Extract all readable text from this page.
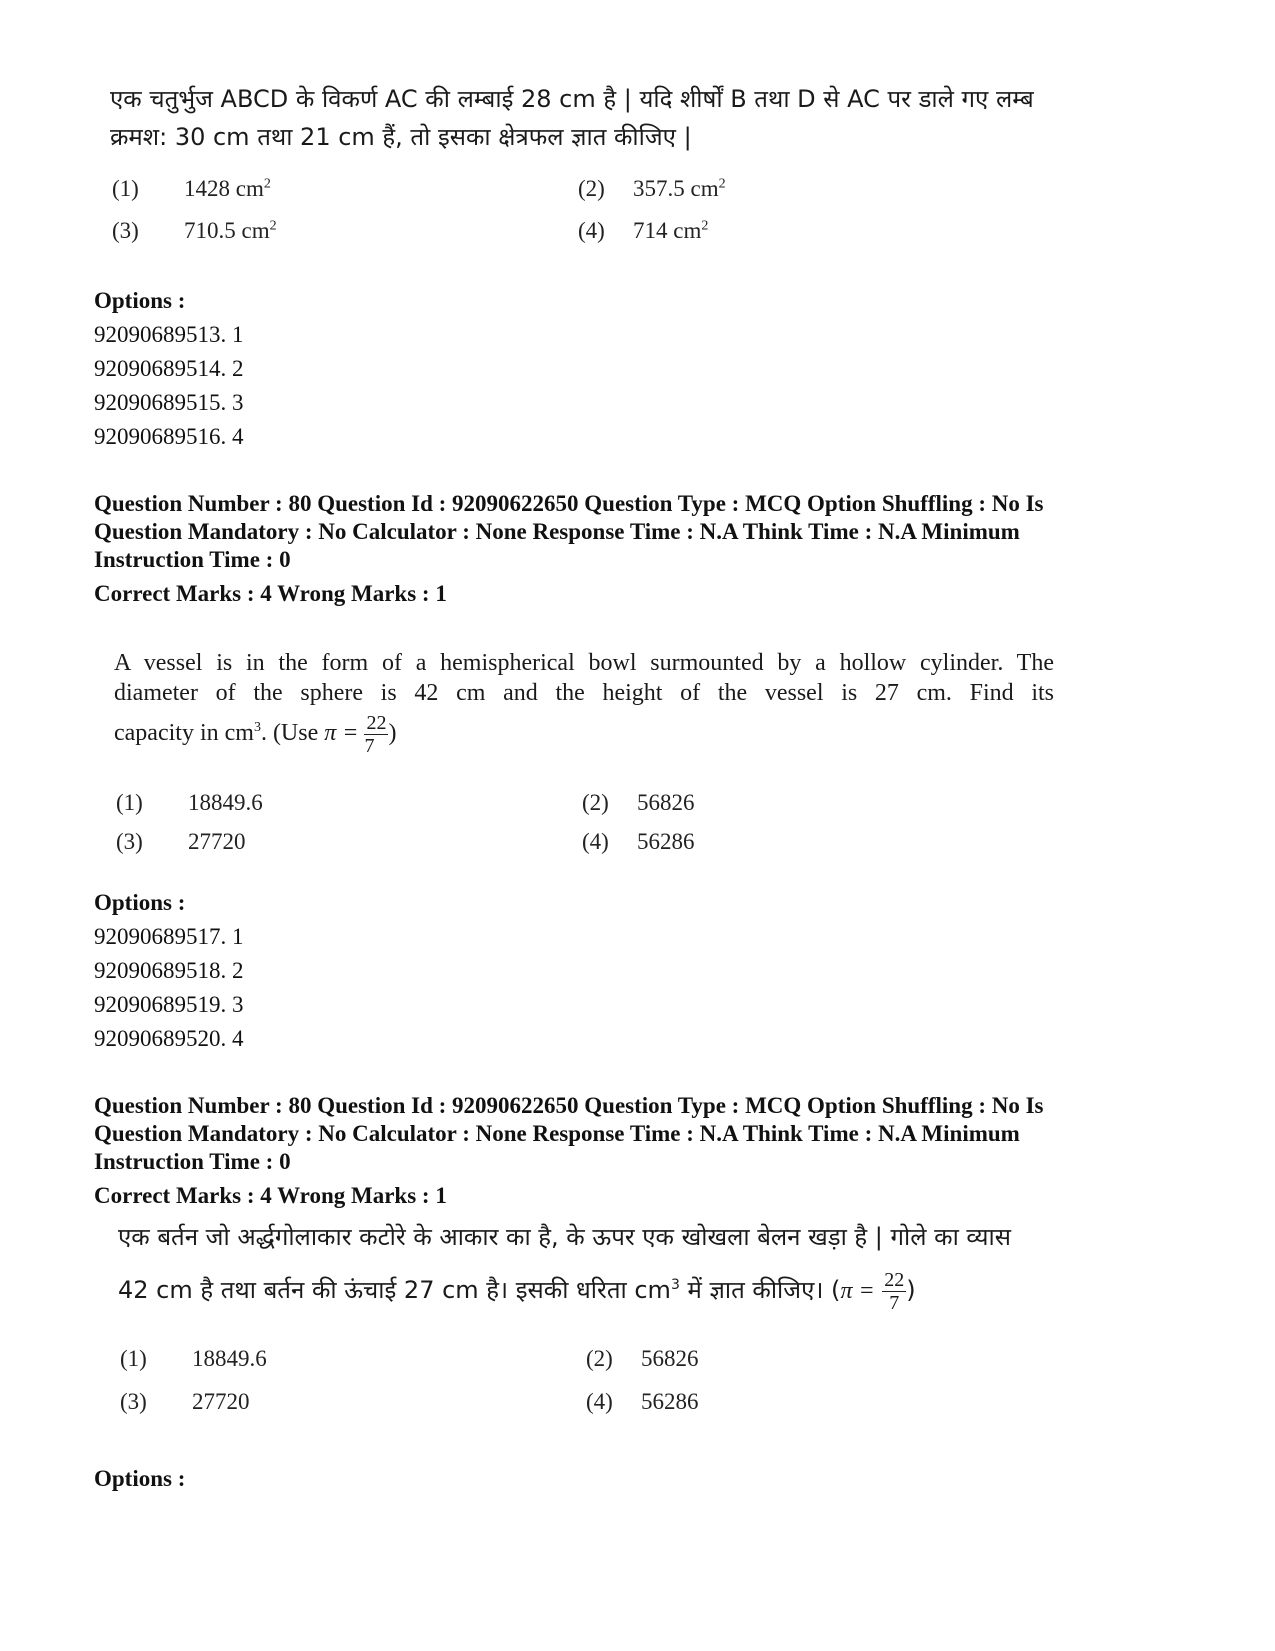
एक चतुर्भुज ABCD के विकर्ण AC की लम्बाई 28 cm है | यदि शीर्षों B तथा D से AC पर डाले गए लम्ब
क्रमश: 30 cm तथा 21 cm हैं, तो इसका क्षेत्रफल ज्ञात कीजिए |
(1) 1428 $cm^2$	(2) 357.5 $cm^2$
(3) 710.5 $cm^2$	(4) 714 $cm^2$
Options :
92090689513. 1
92090689514. 2
92090689515. 3
92090689516. 4
Question Number : 80 Question Id : 92090622650 Question Type : MCQ Option Shuffling : No Is
Question Mandatory : No Calculator : None Response Time : N.A Think Time : N.A Minimum
Instruction Time : 0
Correct Marks : 4 Wrong Marks : 1
A vessel is in the form of a hemispherical bowl surmounted by a hollow cylinder. The
diameter of the sphere is 42 cm and the height of the vessel is 27 cm. Find its
capacity in $cm^3$. (Use $\pi = \frac{22}{7}$ )
(1) 18849.6	(2) 56826
(3) 27720	(4) 56286
Options :
92090689517. 1
92090689518. 2
92090689519. 3
92090689520. 4
Question Number : 80 Question Id : 92090622650 Question Type : MCQ Option Shuffling : No Is
Question Mandatory : No Calculator : None Response Time : N.A Think Time : N.A Minimum
Instruction Time : 0
Correct Marks : 4 Wrong Marks : 1
एक बर्तन जो अर्द्धगोलाकार कटोरे के आकार का है, के ऊपर एक खोखला बेलन खड़ा है | गोले का व्यास
42 cm है तथा बर्तन की ऊंचाई 27 cm है। इसकी धरिता $cm^3$ में ज्ञात कीजिए। ($\pi = \frac{22}{7}$ )
(1) 18849.6	(2) 56826
(3) 27720	(4) 56286
Options :
